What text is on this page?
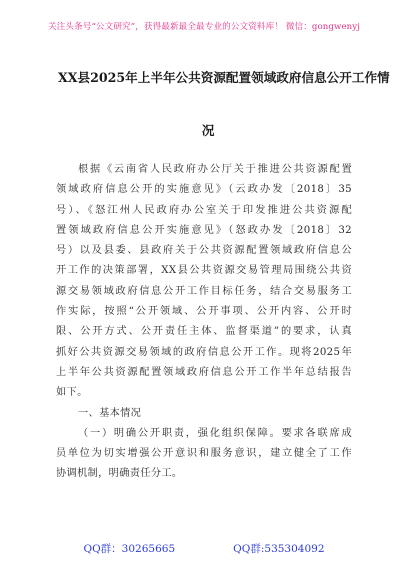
关注头条号“公文研究”，获得最新最全最专业的公文资料库！ 微信：gongwenyj
XX县2025年上半年公共资源配置领域政府信息公开工作情
况
根据《云南省人民政府办公厅关于推进公共资源配置
领域政府信息公开的实施意见》（云政办发〔2018〕35
号）、《怒江州人民政府办公室关于印发推进公共资源配
置领域政府信息公开实施意见》（怒政办发〔2018〕32
号）以及县委、县政府关于公共资源配置领域政府信息公
开工作的决策部署，XX县公共资源交易管理局围绕公共资
源交易领域政府信息公开工作目标任务，结合交易服务工
作实际，按照“公开领域、公开事项、公开内容、公开时
限、公开方式、公开责任主体、监督渠道”的要求，认真
抓好公共资源交易领域的政府信息公开工作。现将2025年
上半年公共资源配置领域政府信息公开工作半年总结报告
如下。
一、基本情况
（一）明确公开职责，强化组织保障。要求各联席成
员单位为切实增强公开意识和服务意识，建立健全了工作
协调机制，明确责任分工。
QQ群：30265665	QQ群:535304092
